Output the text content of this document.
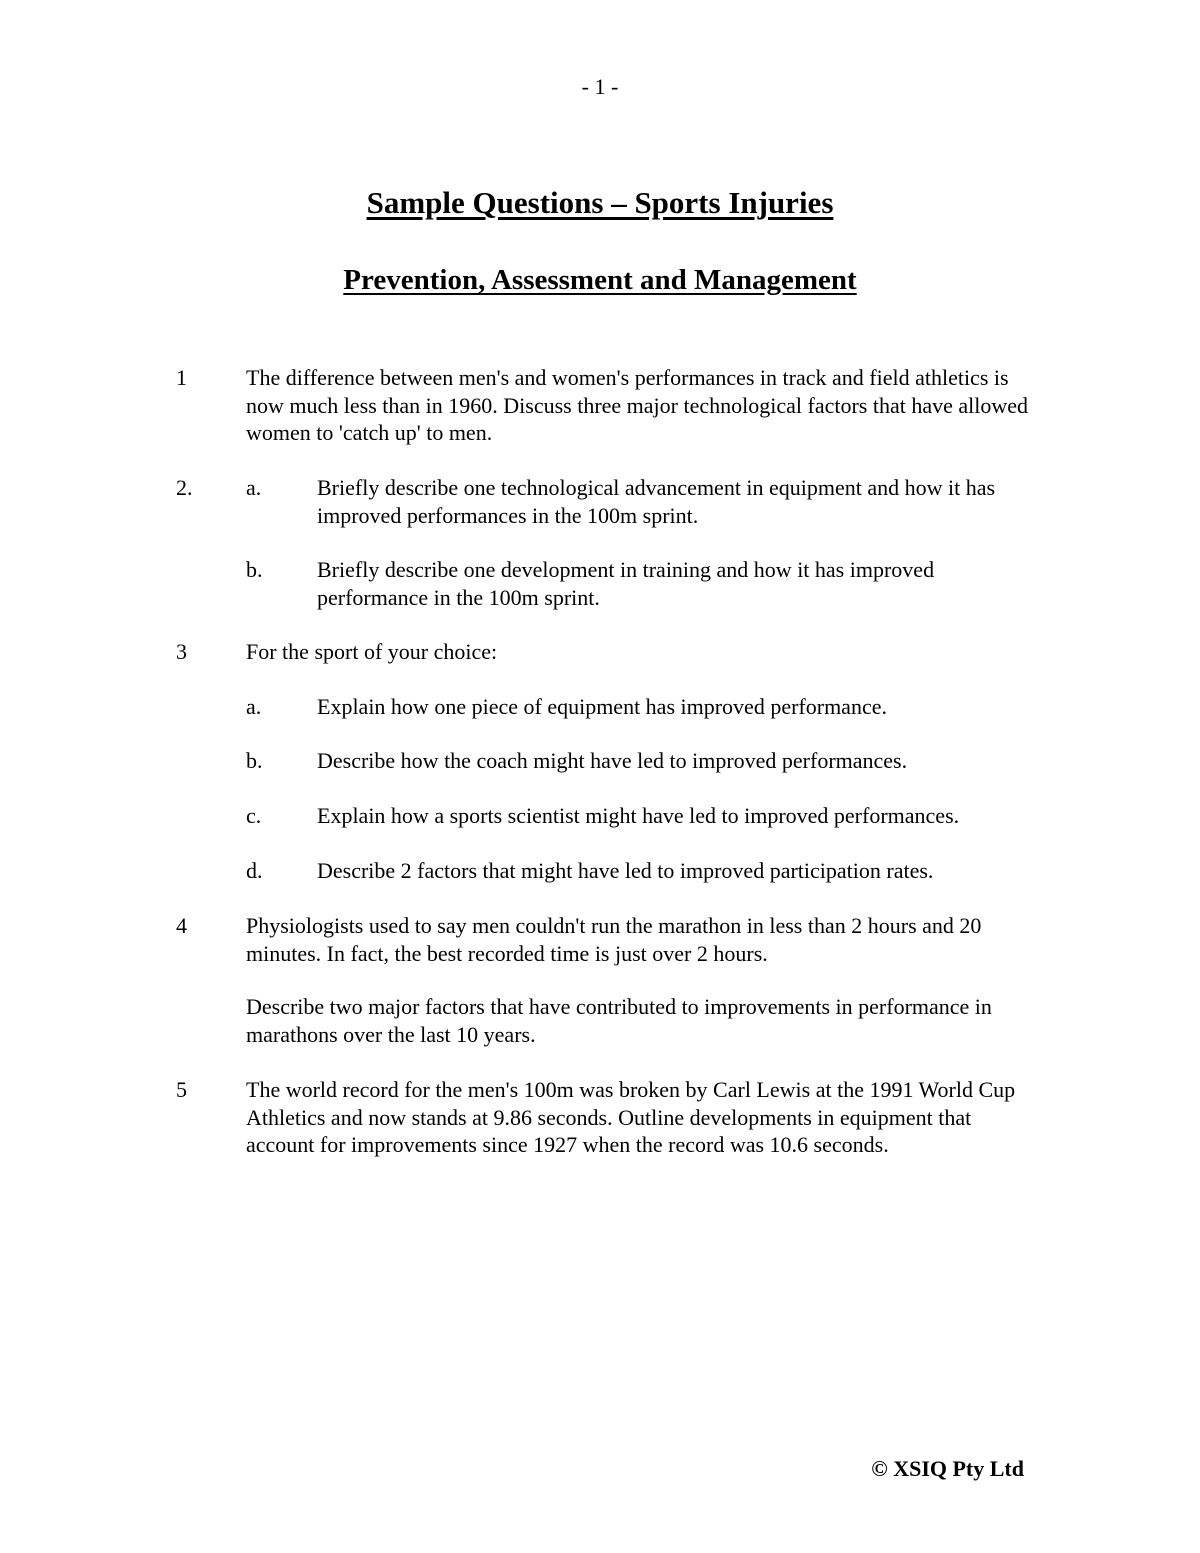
- 1 -
Sample Questions – Sports Injuries
Prevention, Assessment and Management
1	The difference between men's and women's performances in track and field athletics is now much less than in 1960. Discuss three major technological factors that have allowed women to 'catch up' to men.
2. a.	Briefly describe one technological advancement in equipment and how it has improved performances in the 100m sprint.
b. Briefly describe one development in training and how it has improved performance in the 100m sprint.
3	For the sport of your choice:
a.	Explain how one piece of equipment has improved performance.
b. Describe how the coach might have led to improved performances.
c.	Explain how a sports scientist might have led to improved performances.
d. Describe 2 factors that might have led to improved participation rates.
4	Physiologists used to say men couldn't run the marathon in less than 2 hours and 20 minutes. In fact, the best recorded time is just over 2 hours.
Describe two major factors that have contributed to improvements in performance in marathons over the last 10 years.
5	The world record for the men's 100m was broken by Carl Lewis at the 1991 World Cup Athletics and now stands at 9.86 seconds. Outline developments in equipment that account for improvements since 1927 when the record was 10.6 seconds.
© XSIQ Pty Ltd
